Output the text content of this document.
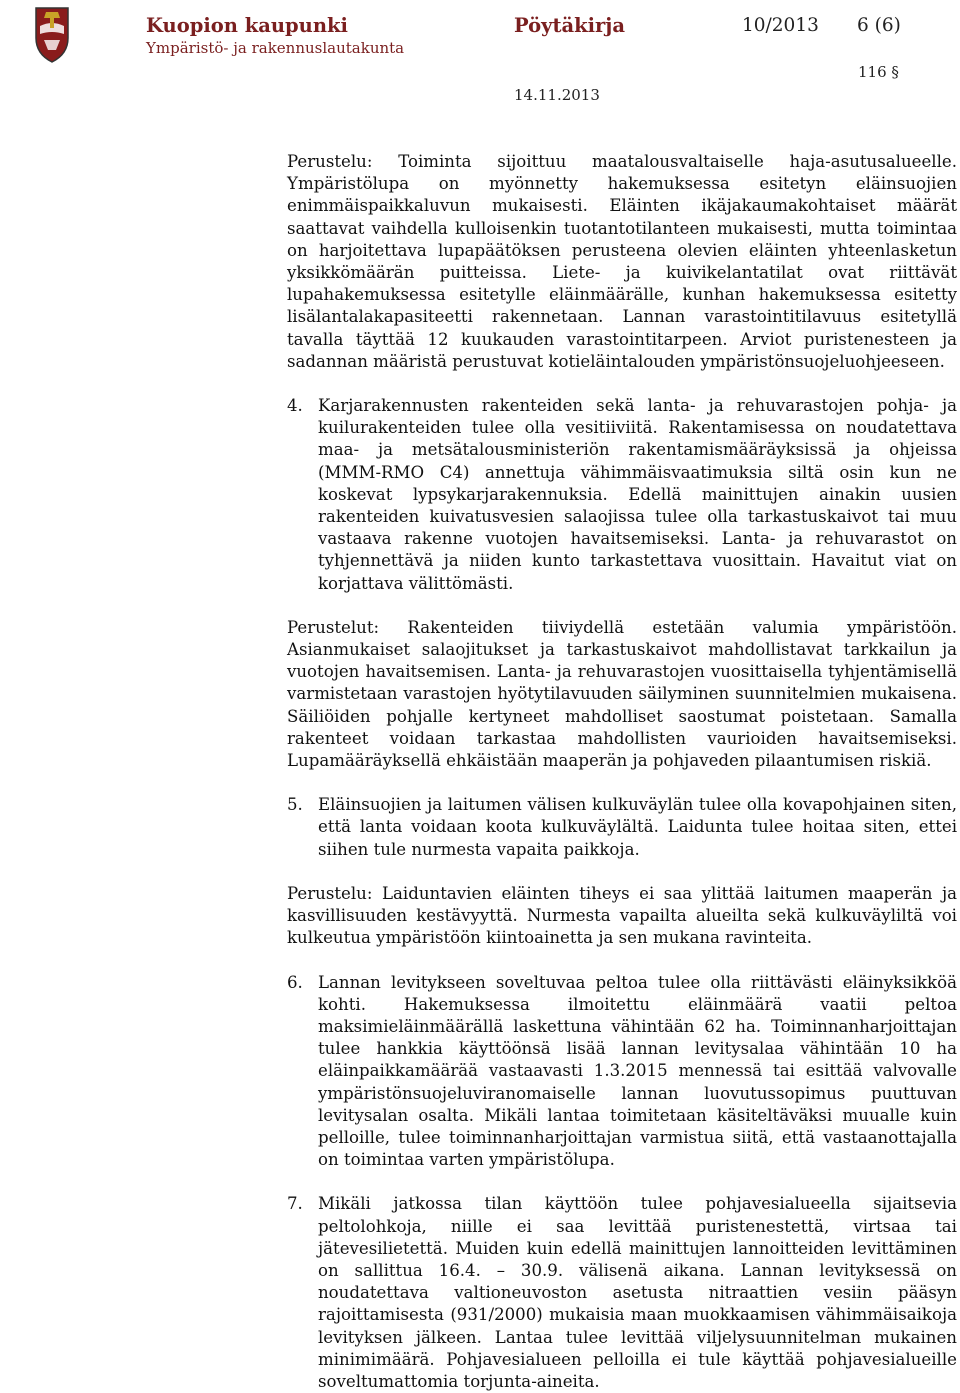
Kuopion kaupunki
Ympäristö- ja rakennuslautakunta
Pöytäkirja	10/2013 6 (6)
116 §
14.11.2013

Perustelu: Toiminta sijoittuu maatalousvaltaiselle haja-asutusalueelle. Ympäristölupa on myönnetty hakemuksessa esitetyn eläinsuojien enimmäispaikkaluvun mukaisesti. Eläinten ikäjakaumakohtaiset määrät saattavat vaihdella kulloisenkin tuotantotilanteen mukaisesti, mutta toimintaa on harjoitettava lupapäätöksen perusteena olevien eläinten yhteenlasketun yksikkömäärän puitteissa. Liete- ja kuivikelantatilat ovat riittävät lupahakemuksessa esitetylle eläinmäärälle, kunhan hakemuksessa esitetty lisälantalakapasiteetti rakennetaan. Lannan varastointitilavuus esitetyllä tavalla täyttää 12 kuukauden varastointitarpeen. Arviot puristenesteen ja sadannan määristä perustuvat kotieläintalouden ympäristönsuojeluohjeeseen.

4. Karjarakennusten rakenteiden sekä lanta- ja rehuvarastojen pohja- ja kuilurakenteiden tulee olla vesitiiviitä. Rakentamisessa on noudatettava maa- ja metsätalousministeriön rakentamismääräyksissä ja ohjeissa (MMM-RMO C4) annettuja vähimmäisvaatimuksia siltä osin kun ne koskevat lypsykarjarakennuksia. Edellä mainittujen ainakin uusien rakenteiden kuivatusvesien salaojissa tulee olla tarkastuskaivot tai muu vastaava rakenne vuotojen havaitsemiseksi. Lanta- ja rehuvarastot on tyhjennettävä ja niiden kunto tarkastettava vuosittain. Havaitut viat on korjattava välittömästi.

Perustelut: Rakenteiden tiiviydellä estetään valumia ympäristöön. Asianmukaiset salaojitukset ja tarkastuskaivot mahdollistavat tarkkailun ja vuotojen havaitsemisen. Lanta- ja rehuvarastojen vuosittaisella tyhjentämisellä varmistetaan varastojen hyötytilavuuden säilyminen suunnitelmien mukaisena. Säiliöiden pohjalle kertyneet mahdolliset saostumat poistetaan. Samalla rakenteet voidaan tarkastaa mahdollisten vaurioiden havaitsemiseksi. Lupamääräyksellä ehkäistään maaperän ja pohjaveden pilaantumisen riskiä.

5. Eläinsuojien ja laitumen välisen kulkuväylän tulee olla kovapohjainen siten, että lanta voidaan koota kulkuväylältä. Laidunta tulee hoitaa siten, ettei siihen tule nurmesta vapaita paikkoja.

Perustelu: Laiduntavien eläinten tiheys ei saa ylittää laitumen maaperän ja kasvillisuuden kestävyyttä. Nurmesta vapailta alueilta sekä kulkuväyliltä voi kulkeutua ympäristöön kiintoainetta ja sen mukana ravinteita.

6. Lannan levitykseen soveltuvaa peltoa tulee olla riittävästi eläinyksikköä kohti. Hakemuksessa ilmoitettu eläinmäärä vaatii peltoa maksimieläinmäärällä laskettuna vähintään 62 ha. Toiminnanharjoittajan tulee hankkia käyttöönsä lisää lannan levitysalaa vähintään 10 ha eläinpaikkamäärää vastaavasti 1.3.2015 mennessä tai esittää valvovalle ympäristönsuojeluviranomaiselle lannan luovutussopimus puuttuvan levitysalan osalta. Mikäli lantaa toimitetaan käsiteltäväksi muualle kuin pelloille, tulee toiminnanharjoittajan varmistua siitä, että vastaanottajalla on toimintaa varten ympäristölupa.
7. Mikäli jatkossa tilan käyttöön tulee pohjavesialueella sijaitsevia peltolohkoja, niille ei saa levittää puristenestettä, virtsaa tai jätevesilietettä. Muiden kuin edellä mainittujen lannoitteiden levittäminen on sallittua 16.4. – 30.9. välisenä aikana. Lannan levityksessä on noudatettava valtioneuvoston asetusta nitraattien vesiin pääsyn rajoittamisesta (931/2000) mukaisia maan muokkaamisen vähimmäisaikoja levityksen jälkeen. Lantaa tulee levittää viljelysuunnitelman mukainen minimimäärä. Pohjavesialueen pelloilla ei tule käyttää pohjavesialueille soveltumattomia torjunta-aineita.
